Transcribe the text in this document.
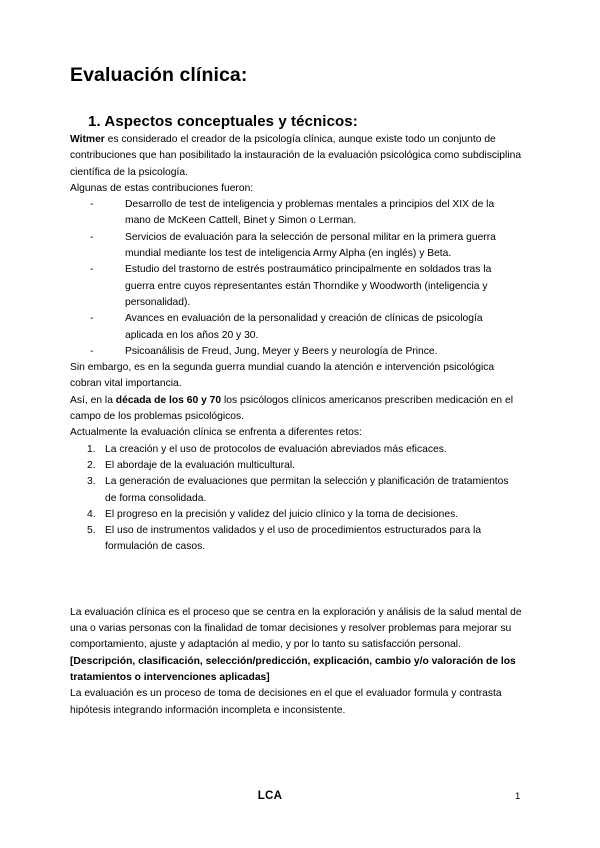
Evaluación clínica:
1. Aspectos conceptuales y técnicos:

Witmer es considerado el creador de la psicología clínica, aunque existe todo un conjunto de contribuciones que han posibilitado la instauración de la evaluación psicológica como subdisciplina científica de la psicología.

Algunas de estas contribuciones fueron:

- Desarrollo de test de inteligencia y problemas mentales a principios del XIX de la mano de McKeen Cattell, Binet y Simon o Lerman.
- Servicios de evaluación para la selección de personal militar en la primera guerra mundial mediante los test de inteligencia Army Alpha (en inglés) y Beta.
- Estudio del trastorno de estrés postraumático principalmente en soldados tras la guerra entre cuyos representantes están Thorndike y Woodworth (inteligencia y personalidad).
- Avances en evaluación de la personalidad y creación de clínicas de psicología aplicada en los años 20 y 30.
- Psicoanálisis de Freud, Jung, Meyer y Beers y neurología de Prince.

Sin embargo, es en la segunda guerra mundial cuando la atención e intervención psicológica cobran vital importancia.

Así, en la década de los 60 y 70 los psicólogos clínicos americanos prescriben medicación en el campo de los problemas psicológicos.

Actualmente la evaluación clínica se enfrenta a diferentes retos:

La creación y el uso de protocolos de evaluación abreviados más eficaces.
El abordaje de la evaluación multicultural.
La generación de evaluaciones que permitan la selección y planificación de tratamientos de forma consolidada.
El progreso en la precisión y validez del juicio clínico y la toma de decisiones.
El uso de instrumentos validados y el uso de procedimientos estructurados para la formulación de casos.

La evaluación clínica es el proceso que se centra en la exploración y análisis de la salud mental de una o varias personas con la finalidad de tomar decisiones y resolver problemas para mejorar su comportamiento, ajuste y adaptación al medio, y por lo tanto su satisfacción personal. [Descripción, clasificación, selección/predicción, explicación, cambio y/o valoración de los tratamientos o intervenciones aplicadas]

La evaluación es un proceso de toma de decisiones en el que el evaluador formula y contrasta hipótesis integrando información incompleta e inconsistente.

LCA	1
